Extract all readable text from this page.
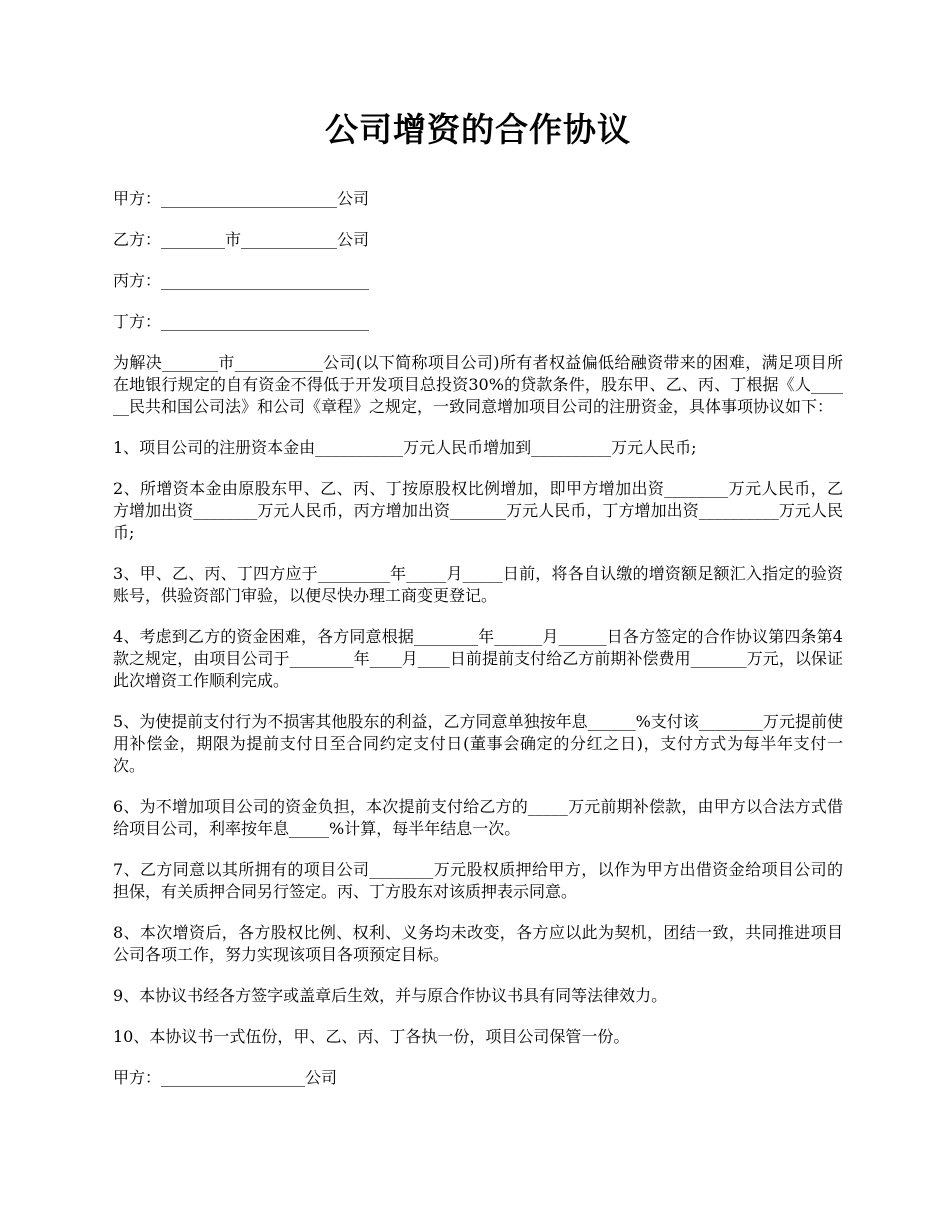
公司增资的合作协议

甲方：______________________公司

乙方：________市____________公司

丙方：__________________________

丁方：__________________________

为解决_______市___________公司(以下简称项目公司)所有者权益偏低给融资带来的困难，满足项目所在地银行规定的自有资金不得低于开发项目总投资30%的贷款条件，股东甲、乙、丙、丁根据《人______民共和国公司法》和公司《章程》之规定，一致同意增加项目公司的注册资金，具体事项协议如下：

1、项目公司的注册资本金由___________万元人民币增加到__________万元人民币;

2、所增资本金由原股东甲、乙、丙、丁按原股权比例增加，即甲方增加出资________万元人民币，乙方增加出资________万元人民币，丙方增加出资_______万元人民币，丁方增加出资__________万元人民币;

3、甲、乙、丙、丁四方应于_________年_____月_____日前，将各自认缴的增资额足额汇入指定的验资账号，供验资部门审验，以便尽快办理工商变更登记。

4、考虑到乙方的资金困难，各方同意根据________年______月______日各方签定的合作协议第四条第4款之规定，由项目公司于________年____月____日前提前支付给乙方前期补偿费用_______万元，以保证此次增资工作顺利完成。

5、为使提前支付行为不损害其他股东的利益，乙方同意单独按年息______%支付该________万元提前使用补偿金，期限为提前支付日至合同约定支付日(董事会确定的分红之日)，支付方式为每半年支付一次。

6、为不增加项目公司的资金负担，本次提前支付给乙方的_____万元前期补偿款，由甲方以合法方式借给项目公司，利率按年息_____%计算，每半年结息一次。

7、乙方同意以其所拥有的项目公司________万元股权质押给甲方，以作为甲方出借资金给项目公司的担保，有关质押合同另行签定。丙、丁方股东对该质押表示同意。

8、本次增资后，各方股权比例、权利、义务均未改变，各方应以此为契机，团结一致，共同推进项目公司各项工作，努力实现该项目各项预定目标。

9、本协议书经各方签字或盖章后生效，并与原合作协议书具有同等法律效力。

10、本协议书一式伍份，甲、乙、丙、丁各执一份，项目公司保管一份。

甲方：__________________公司
